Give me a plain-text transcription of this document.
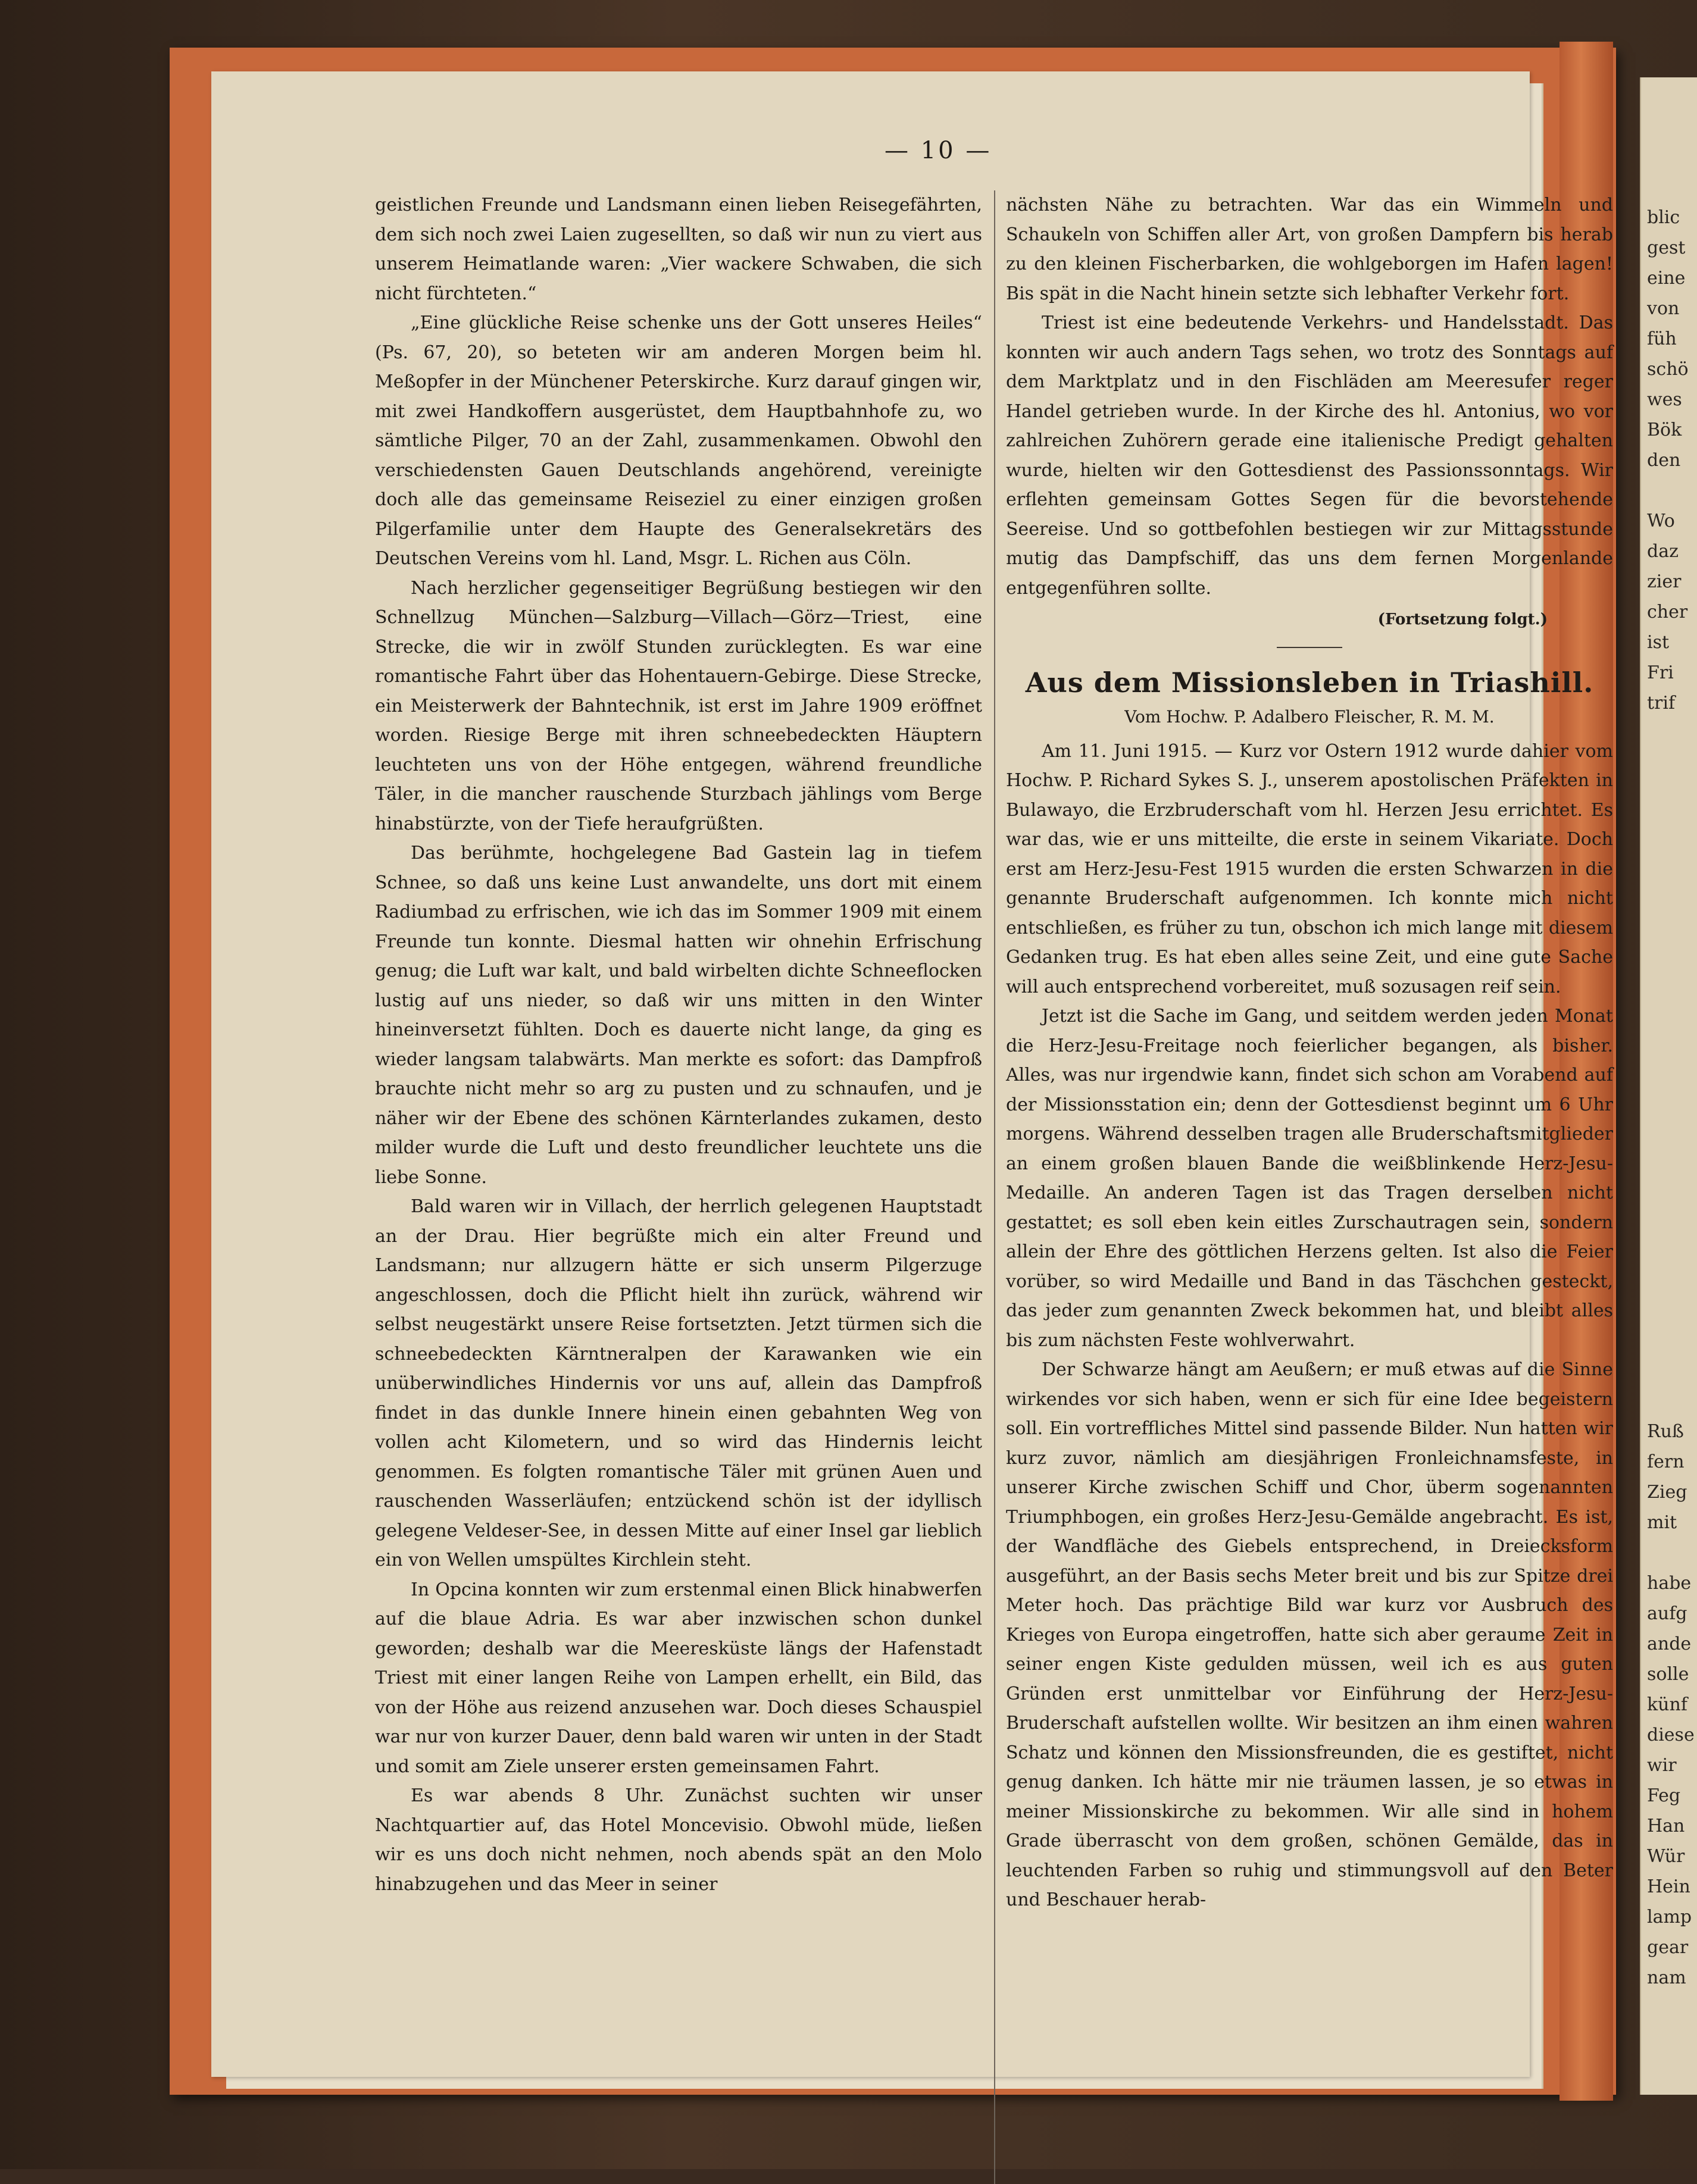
blic
gest
eine
von
füh
schö
wes
Bök
den

Wo
daz
zier
cher
ist
Fri
trif
Ruß
fern
Zieg
mit

habe
aufg
ande
solle
künf
diese
wir
Feg
Han
Wür
Hein
lamp
gear
nam
— 10 —

geistlichen Freunde und Landsmann einen lieben Reisegefährten, dem sich noch zwei Laien zugesellten, so daß wir nun zu viert aus unserem Heimatlande waren: „Vier wackere Schwaben, die sich nicht fürchteten.“

„Eine glückliche Reise schenke uns der Gott unseres Heiles“ (Ps. 67, 20), so beteten wir am anderen Morgen beim hl. Meßopfer in der Münchener Peterskirche. Kurz darauf gingen wir, mit zwei Handkoffern ausgerüstet, dem Hauptbahnhofe zu, wo sämtliche Pilger, 70 an der Zahl, zusammenkamen. Obwohl den verschiedensten Gauen Deutschlands angehörend, vereinigte doch alle das gemeinsame Reiseziel zu einer einzigen großen Pilgerfamilie unter dem Haupte des Generalsekretärs des Deutschen Vereins vom hl. Land, Msgr. L. Richen aus Cöln.

Nach herzlicher gegenseitiger Begrüßung bestiegen wir den Schnellzug München—Salzburg—Villach—Görz—Triest, eine Strecke, die wir in zwölf Stunden zurücklegten. Es war eine romantische Fahrt über das Hohentauern-Gebirge. Diese Strecke, ein Meisterwerk der Bahntechnik, ist erst im Jahre 1909 eröffnet worden. Riesige Berge mit ihren schneebedeckten Häuptern leuchteten uns von der Höhe entgegen, während freundliche Täler, in die mancher rauschende Sturzbach jählings vom Berge hinabstürzte, von der Tiefe heraufgrüßten.

Das berühmte, hochgelegene Bad Gastein lag in tiefem Schnee, so daß uns keine Lust anwandelte, uns dort mit einem Radiumbad zu erfrischen, wie ich das im Sommer 1909 mit einem Freunde tun konnte. Diesmal hatten wir ohnehin Erfrischung genug; die Luft war kalt, und bald wirbelten dichte Schneeflocken lustig auf uns nieder, so daß wir uns mitten in den Winter hineinversetzt fühlten. Doch es dauerte nicht lange, da ging es wieder langsam talabwärts. Man merkte es sofort: das Dampfroß brauchte nicht mehr so arg zu pusten und zu schnaufen, und je näher wir der Ebene des schönen Kärnterlandes zukamen, desto milder wurde die Luft und desto freundlicher leuchtete uns die liebe Sonne.

Bald waren wir in Villach, der herrlich gelegenen Hauptstadt an der Drau. Hier begrüßte mich ein alter Freund und Landsmann; nur allzugern hätte er sich unserm Pilgerzuge angeschlossen, doch die Pflicht hielt ihn zurück, während wir selbst neugestärkt unsere Reise fortsetzten. Jetzt türmen sich die schneebedeckten Kärntneralpen der Karawanken wie ein unüberwindliches Hindernis vor uns auf, allein das Dampfroß findet in das dunkle Innere hinein einen gebahnten Weg von vollen acht Kilometern, und so wird das Hindernis leicht genommen. Es folgten romantische Täler mit grünen Auen und rauschenden Wasserläufen; entzückend schön ist der idyllisch gelegene Veldeser-See, in dessen Mitte auf einer Insel gar lieblich ein von Wellen umspültes Kirchlein steht.

In Opcina konnten wir zum erstenmal einen Blick hinabwerfen auf die blaue Adria. Es war aber inzwischen schon dunkel geworden; deshalb war die Meeresküste längs der Hafenstadt Triest mit einer langen Reihe von Lampen erhellt, ein Bild, das von der Höhe aus reizend anzusehen war. Doch dieses Schauspiel war nur von kurzer Dauer, denn bald waren wir unten in der Stadt und somit am Ziele unserer ersten gemeinsamen Fahrt.

Es war abends 8 Uhr. Zunächst suchten wir unser Nachtquartier auf, das Hotel Moncevisio. Obwohl müde, ließen wir es uns doch nicht nehmen, noch abends spät an den Molo hinabzugehen und das Meer in seiner

nächsten Nähe zu betrachten. War das ein Wimmeln und Schaukeln von Schiffen aller Art, von großen Dampfern bis herab zu den kleinen Fischerbarken, die wohlgeborgen im Hafen lagen! Bis spät in die Nacht hinein setzte sich lebhafter Verkehr fort.

Triest ist eine bedeutende Verkehrs- und Handelsstadt. Das konnten wir auch andern Tags sehen, wo trotz des Sonntags auf dem Marktplatz und in den Fischläden am Meeresufer reger Handel getrieben wurde. In der Kirche des hl. Antonius, wo vor zahlreichen Zuhörern gerade eine italienische Predigt gehalten wurde, hielten wir den Gottesdienst des Passionssonntags. Wir erflehten gemeinsam Gottes Segen für die bevorstehende Seereise. Und so gottbefohlen bestiegen wir zur Mittagsstunde mutig das Dampfschiff, das uns dem fernen Morgenlande entgegenführen sollte.

(Fortsetzung folgt.)
Aus dem Missionsleben in Triashill.
Vom Hochw. P. Adalbero Fleischer, R. M. M.

Am 11. Juni 1915. — Kurz vor Ostern 1912 wurde dahier vom Hochw. P. Richard Sykes S. J., unserem apostolischen Präfekten in Bulawayo, die Erzbruderschaft vom hl. Herzen Jesu errichtet. Es war das, wie er uns mitteilte, die erste in seinem Vikariate. Doch erst am Herz-Jesu-Fest 1915 wurden die ersten Schwarzen in die genannte Bruderschaft aufgenommen. Ich konnte mich nicht entschließen, es früher zu tun, obschon ich mich lange mit diesem Gedanken trug. Es hat eben alles seine Zeit, und eine gute Sache will auch entsprechend vorbereitet, muß sozusagen reif sein.

Jetzt ist die Sache im Gang, und seitdem werden jeden Monat die Herz-Jesu-Freitage noch feierlicher begangen, als bisher. Alles, was nur irgendwie kann, findet sich schon am Vorabend auf der Missionsstation ein; denn der Gottesdienst beginnt um 6 Uhr morgens. Während desselben tragen alle Bruderschaftsmitglieder an einem großen blauen Bande die weißblinkende Herz-Jesu-Medaille. An anderen Tagen ist das Tragen derselben nicht gestattet; es soll eben kein eitles Zurschautragen sein, sondern allein der Ehre des göttlichen Herzens gelten. Ist also die Feier vorüber, so wird Medaille und Band in das Täschchen gesteckt, das jeder zum genannten Zweck bekommen hat, und bleibt alles bis zum nächsten Feste wohlverwahrt.

Der Schwarze hängt am Aeußern; er muß etwas auf die Sinne wirkendes vor sich haben, wenn er sich für eine Idee begeistern soll. Ein vortreffliches Mittel sind passende Bilder. Nun hatten wir kurz zuvor, nämlich am diesjährigen Fronleichnamsfeste, in unserer Kirche zwischen Schiff und Chor, überm sogenannten Triumphbogen, ein großes Herz-Jesu-Gemälde angebracht. Es ist, der Wandfläche des Giebels entsprechend, in Dreiecksform ausgeführt, an der Basis sechs Meter breit und bis zur Spitze drei Meter hoch. Das prächtige Bild war kurz vor Ausbruch des Krieges von Europa eingetroffen, hatte sich aber geraume Zeit in seiner engen Kiste gedulden müssen, weil ich es aus guten Gründen erst unmittelbar vor Einführung der Herz-Jesu-Bruderschaft aufstellen wollte. Wir besitzen an ihm einen wahren Schatz und können den Missionsfreunden, die es gestiftet, nicht genug danken. Ich hätte mir nie träumen lassen, je so etwas in meiner Missionskirche zu bekommen. Wir alle sind in hohem Grade überrascht von dem großen, schönen Gemälde, das in leuchtenden Farben so ruhig und stimmungsvoll auf den Beter und Beschauer herab-
